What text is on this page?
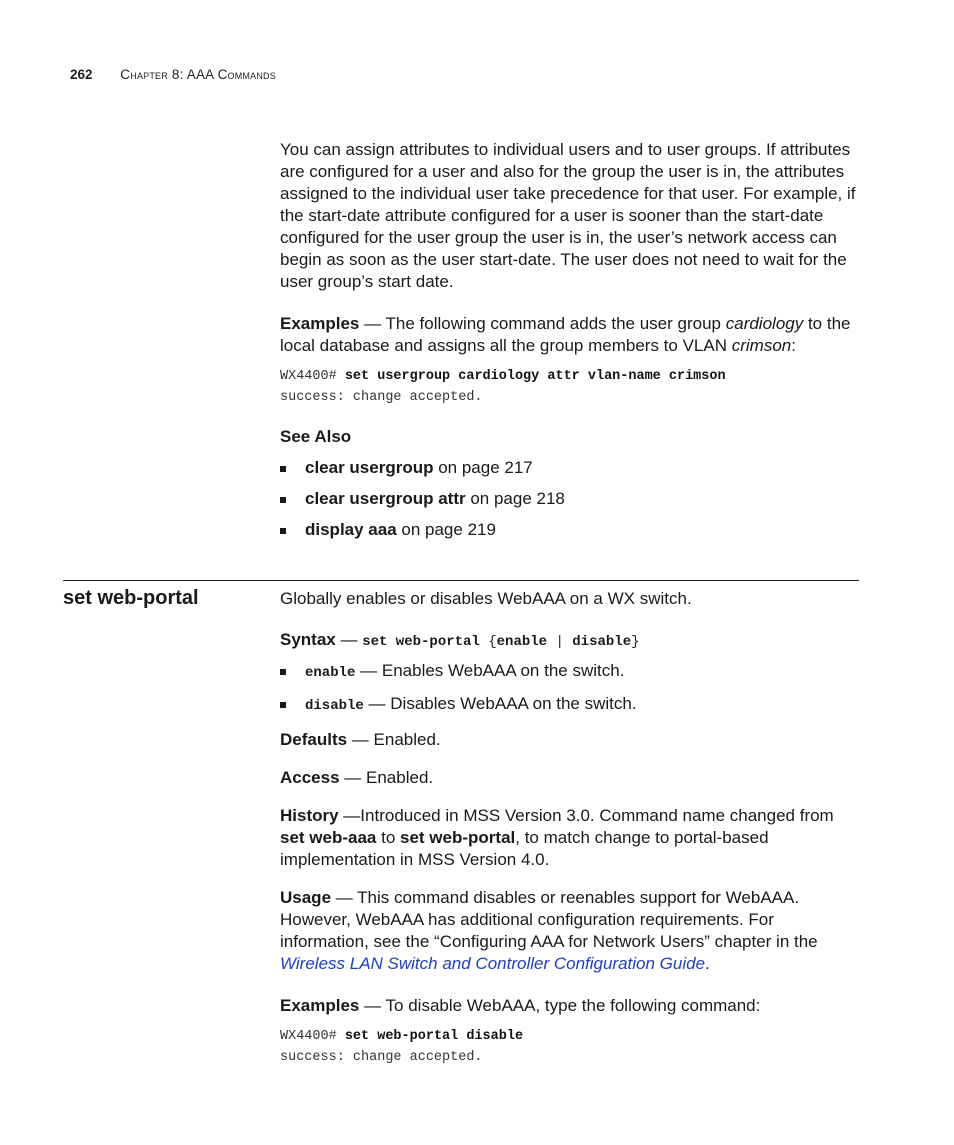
262 Chapter 8: AAA Commands

You can assign attributes to individual users and to user groups. If attributes are configured for a user and also for the group the user is in, the attributes assigned to the individual user take precedence for that user. For example, if the start-date attribute configured for a user is sooner than the start-date configured for the user group the user is in, the user’s network access can begin as soon as the user start-date. The user does not need to wait for the user group’s start date.

Examples — The following command adds the user group cardiology to the local database and assigns all the group members to VLAN crimson:

WX4400# set usergroup cardiology attr vlan-name crimson
success: change accepted.

See Also

clear usergroup on page 217
clear usergroup attr on page 218
display aaa on page 219
set web-portal	Globally enables or disables WebAAA on a WX switch.

Syntax — set web-portal {enable | disable}

enable — Enables WebAAA on the switch.
disable — Disables WebAAA on the switch.

Defaults — Enabled.

Access — Enabled.

History —Introduced in MSS Version 3.0. Command name changed from set web-aaa to set web-portal, to match change to portal-based implementation in MSS Version 4.0.

Usage — This command disables or reenables support for WebAAA. However, WebAAA has additional configuration requirements. For information, see the “Configuring AAA for Network Users” chapter in the Wireless LAN Switch and Controller Configuration Guide.

Examples — To disable WebAAA, type the following command:

WX4400# set web-portal disable
success: change accepted.
